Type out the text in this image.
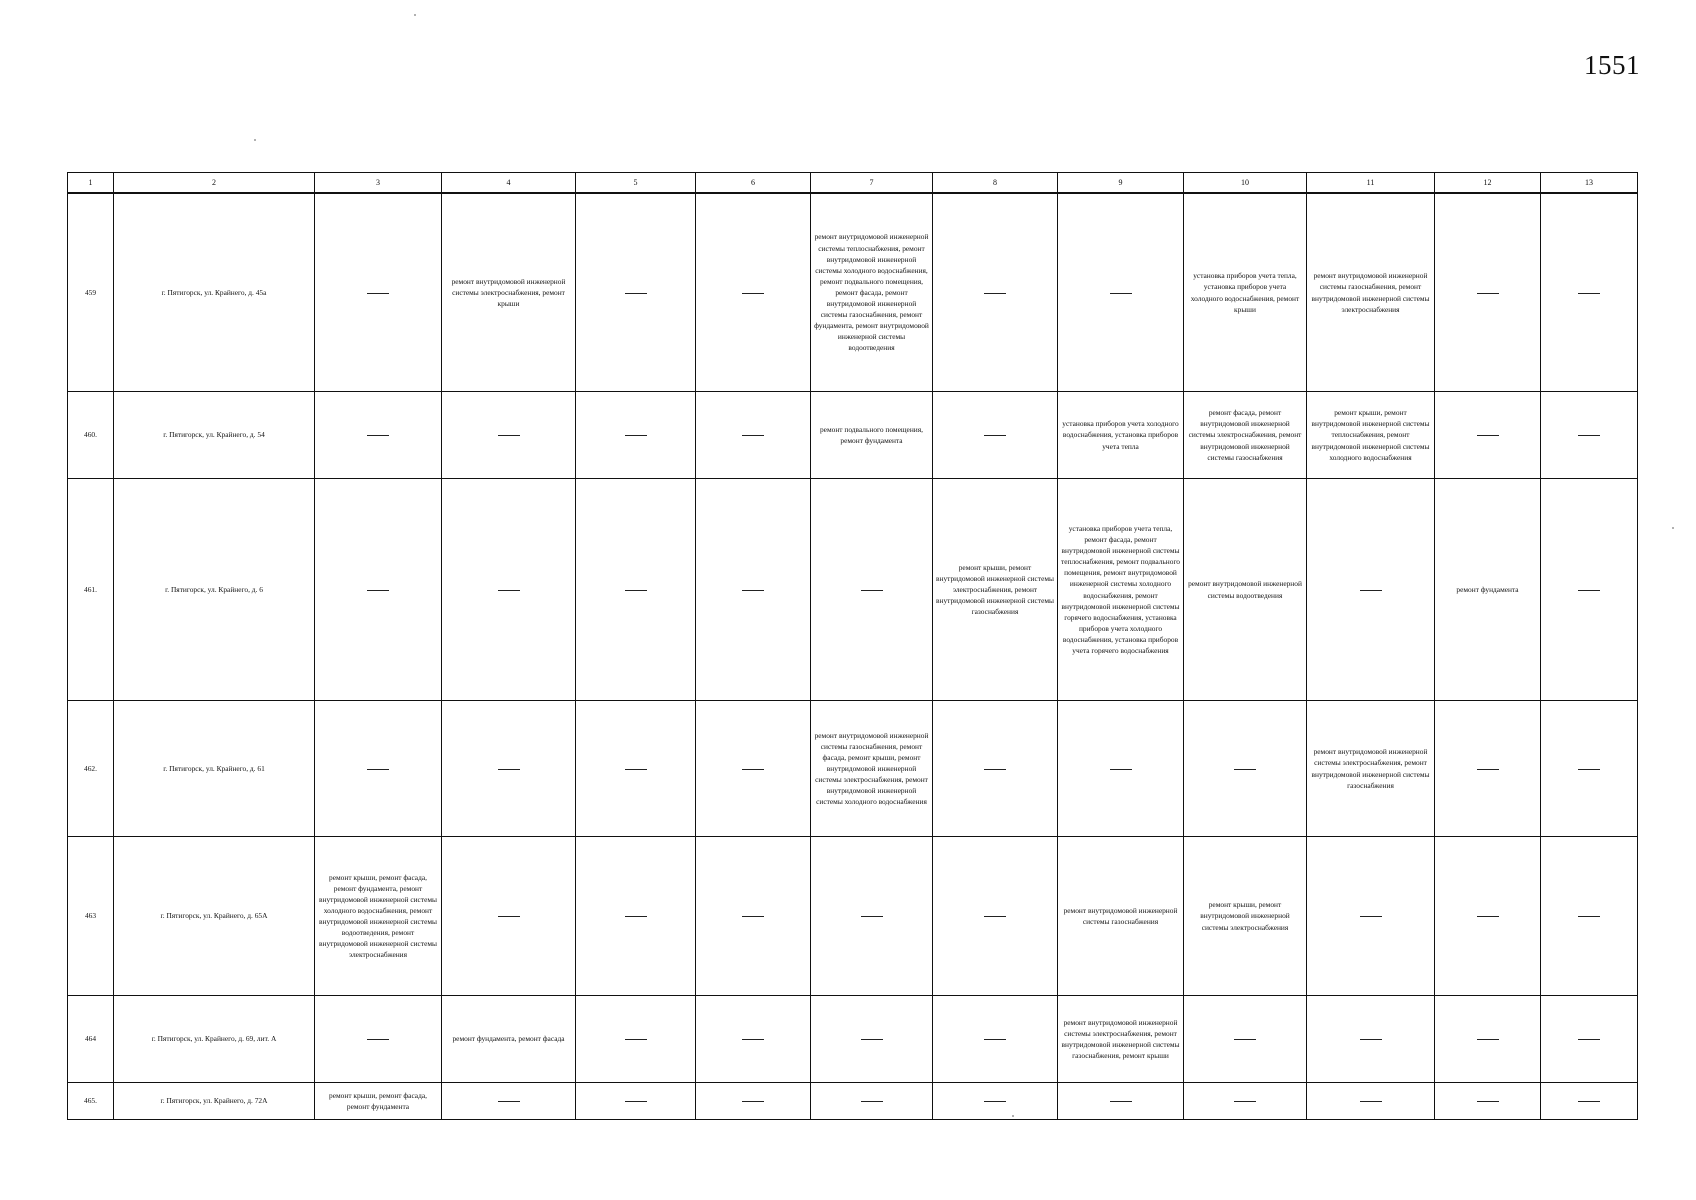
1551
1	2	3	4	5	6	7	8	9	10	11	12	13
459	г. Пятигорск, ул. Крайнего, д. 45а		ремонт внутридомовой инженерной системы электроснабжения, ремонт крыши			ремонт внутридомовой инженерной системы теплоснабжения, ремонт внутридомовой инженерной системы холодного водоснабжения, ремонт подвального помещения, ремонт фасада, ремонт внутридомовой инженерной системы газоснабжения, ремонт фундамента, ремонт внутридомовой инженерной системы водоотведения			установка приборов учета тепла, установка приборов учета холодного водоснабжения, ремонт крыши	ремонт внутридомовой инженерной системы газоснабжения, ремонт внутридомовой инженерной системы электроснабжения		
460.	г. Пятигорск, ул. Крайнего, д. 54					ремонт подвального помещения, ремонт фундамента		установка приборов учета холодного водоснабжения, установка приборов учета тепла	ремонт фасада, ремонт внутридомовой инженерной системы электроснабжения, ремонт внутридомовой инженерной системы газоснабжения	ремонт крыши, ремонт внутридомовой инженерной системы теплоснабжения, ремонт внутридомовой инженерной системы холодного водоснабжения		
461.	г. Пятигорск, ул. Крайнего, д. 6						ремонт крыши, ремонт внутридомовой инженерной системы электроснабжения, ремонт внутридомовой инженерной системы газоснабжения	установка приборов учета тепла, ремонт фасада, ремонт внутридомовой инженерной системы теплоснабжения, ремонт подвального помещения, ремонт внутридомовой инженерной системы холодного водоснабжения, ремонт внутридомовой инженерной системы горячего водоснабжения, установка приборов учета холодного водоснабжения, установка приборов учета горячего водоснабжения	ремонт внутридомовой инженерной системы водоотведения		ремонт фундамента	
462.	г. Пятигорск, ул. Крайнего, д. 61					ремонт внутридомовой инженерной системы газоснабжения, ремонт фасада, ремонт крыши, ремонт внутридомовой инженерной системы электроснабжения, ремонт внутридомовой инженерной системы холодного водоснабжения				ремонт внутридомовой инженерной системы электроснабжения, ремонт внутридомовой инженерной системы газоснабжения		
463	г. Пятигорск, ул. Крайнего, д. 65А	ремонт крыши, ремонт фасада, ремонт фундамента, ремонт внутридомовой инженерной системы холодного водоснабжения, ремонт внутридомовой инженерной системы водоотведения, ремонт внутридомовой инженерной системы электроснабжения						ремонт внутридомовой инженерной системы газоснабжения	ремонт крыши, ремонт внутридомовой инженерной системы электроснабжения			
464	г. Пятигорск, ул. Крайнего, д. 69, лит. А		ремонт фундамента, ремонт фасада					ремонт внутридомовой инженерной системы электроснабжения, ремонт внутридомовой инженерной системы газоснабжения, ремонт крыши				
465.	г. Пятигорск, ул. Крайнего, д. 72А	ремонт крыши, ремонт фасада, ремонт фундамента										
